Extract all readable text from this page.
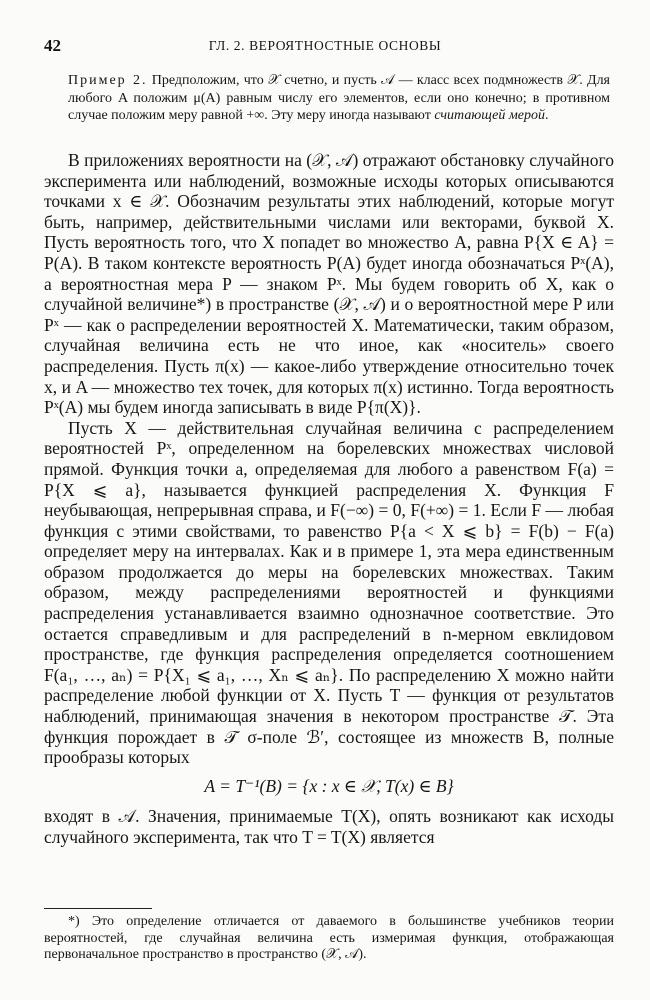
42	ГЛ. 2. ВЕРОЯТНОСТНЫЕ ОСНОВЫ
Пример 2. Предположим, что 𝒳 счетно, и пусть 𝒜 — класс всех подмножеств 𝒳. Для любого A положим μ(A) равным числу его элементов, если оно конечно; в противном случае положим меру равной +∞. Эту меру иногда называют считающей мерой.

В приложениях вероятности на (𝒳, 𝒜) отражают обстановку случайного эксперимента или наблюдений, возможные исходы которых описываются точками x ∈ 𝒳. Обозначим результаты этих наблюдений, которые могут быть, например, действительными числами или векторами, буквой X. Пусть вероятность того, что X попадет во множество A, равна P{X ∈ A} = P(A). В таком контексте вероятность P(A) будет иногда обозначаться Pˣ(A), а вероятностная мера P — знаком Pˣ. Мы будем говорить об X, как о случайной величине*) в пространстве (𝒳, 𝒜) и о вероятностной мере P или Pˣ — как о распределении вероятностей X. Математически, таким образом, случайная величина есть не что иное, как «носитель» своего распределения. Пусть π(x) — какое-либо утверждение относительно точек x, и A — множество тех точек, для которых π(x) истинно. Тогда вероятность Pˣ(A) мы будем иногда записывать в виде P{π(X)}.

Пусть X — действительная случайная величина с распределением вероятностей Pˣ, определенном на борелевских множествах числовой прямой. Функция точки a, определяемая для любого a равенством F(a) = P{X ⩽ a}, называется функцией распределения X. Функция F неубывающая, непрерывная справа, и F(−∞) = 0, F(+∞) = 1. Если F — любая функция с этими свойствами, то равенство P{a < X ⩽ b} = F(b) − F(a) определяет меру на интервалах. Как и в примере 1, эта мера единственным образом продолжается до меры на борелевских множествах. Таким образом, между распределениями вероятностей и функциями распределения устанавливается взаимно однозначное соответствие. Это остается справедливым и для распределений в n-мерном евклидовом пространстве, где функция распределения определяется соотношением F(a₁, …, aₙ) = P{X₁ ⩽ a₁, …, Xₙ ⩽ aₙ}. По распределению X можно найти распределение любой функции от X. Пусть T — функция от результатов наблюдений, принимающая значения в некотором пространстве 𝒯. Эта функция порождает в 𝒯 σ-поле ℬ′, состоящее из множеств B, полные прообразы которых

A = T⁻¹(B) = {x : x ∈ 𝒳, T(x) ∈ B}

входят в 𝒜. Значения, принимаемые T(X), опять возникают как исходы случайного эксперимента, так что T = T(X) является

*) Это определение отличается от даваемого в большинстве учебников теории вероятностей, где случайная величина есть измеримая функция, отображающая первоначальное пространство в пространство (𝒳, 𝒜).
